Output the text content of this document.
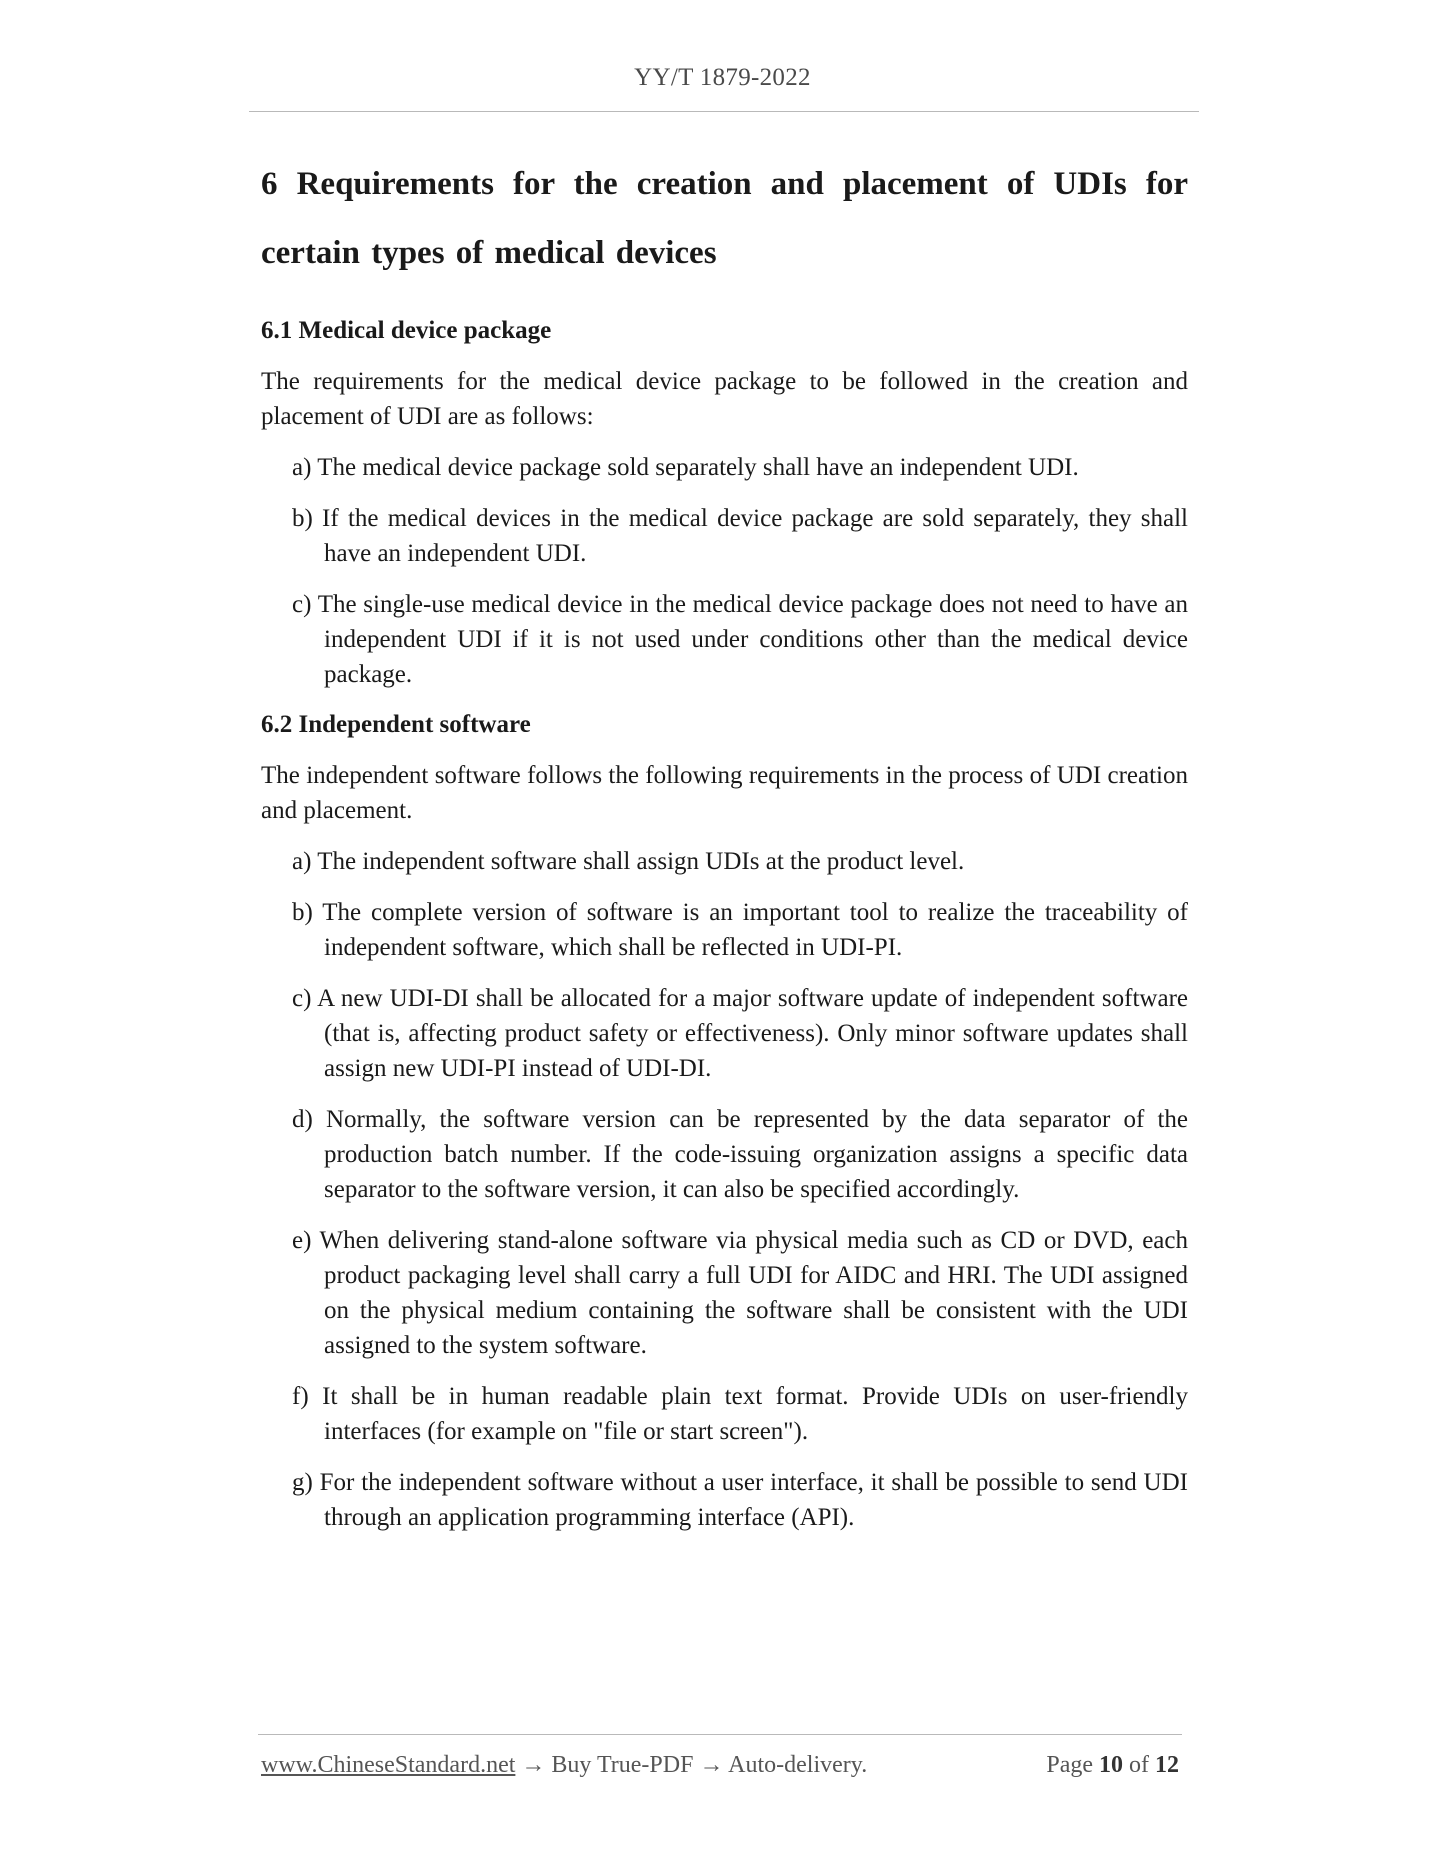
YY/T 1879-2022
6 Requirements for the creation and placement of UDIs for
certain types of medical devices
6.1 Medical device package

The requirements for the medical device package to be followed in the creation and placement of UDI are as follows:

a) The medical device package sold separately shall have an independent UDI.
b) If the medical devices in the medical device package are sold separately, they shall have an independent UDI.
c) The single-use medical device in the medical device package does not need to have an independent UDI if it is not used under conditions other than the medical device package.
6.2 Independent software

The independent software follows the following requirements in the process of UDI creation and placement.

a) The independent software shall assign UDIs at the product level.
b) The complete version of software is an important tool to realize the traceability of independent software, which shall be reflected in UDI-PI.
c) A new UDI-DI shall be allocated for a major software update of independent software (that is, affecting product safety or effectiveness). Only minor software updates shall assign new UDI-PI instead of UDI-DI.
d) Normally, the software version can be represented by the data separator of the production batch number. If the code-issuing organization assigns a specific data separator to the software version, it can also be specified accordingly.
e) When delivering stand-alone software via physical media such as CD or DVD, each product packaging level shall carry a full UDI for AIDC and HRI. The UDI assigned on the physical medium containing the software shall be consistent with the UDI assigned to the system software.
f) It shall be in human readable plain text format. Provide UDIs on user-friendly interfaces (for example on "file or start screen").
g) For the independent software without a user interface, it shall be possible to send UDI through an application programming interface (API).
www.ChineseStandard.net → Buy True-PDF → Auto-delivery.	Page 10 of 12
